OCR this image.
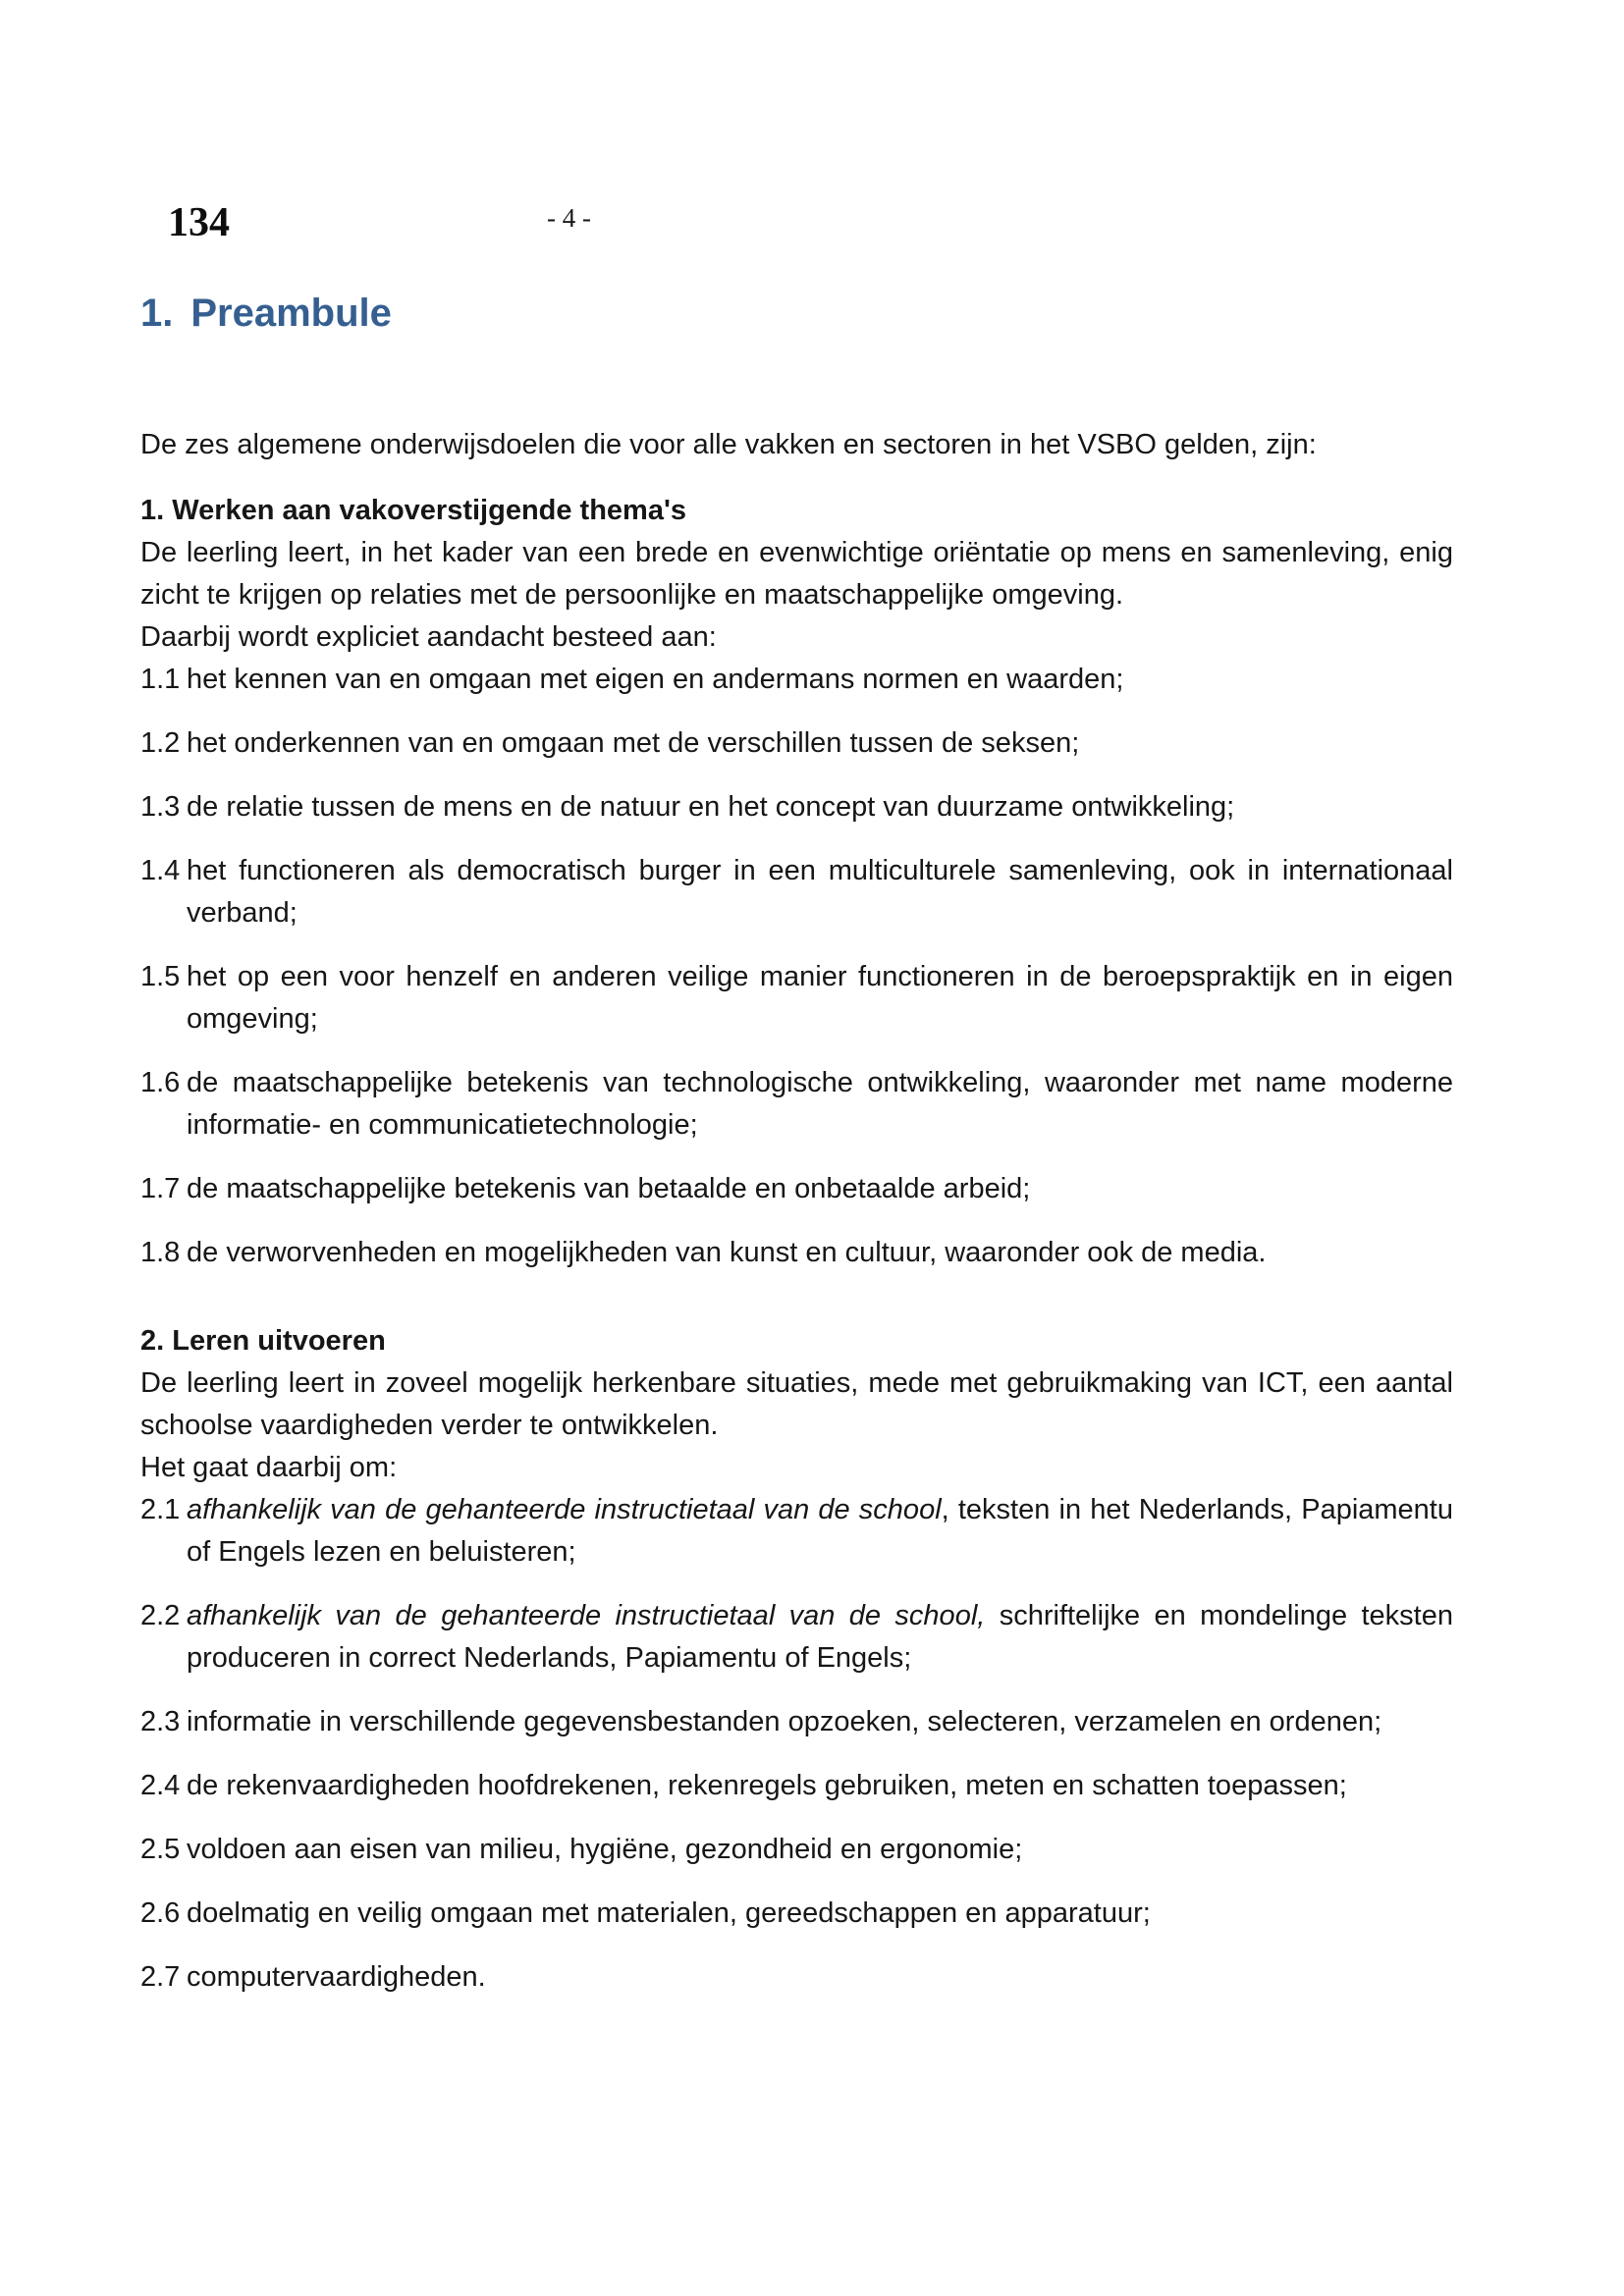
134	- 4 -
1. Preambule

De zes algemene onderwijsdoelen die voor alle vakken en sectoren in het VSBO gelden, zijn:

1. Werken aan vakoverstijgende thema's

De leerling leert, in het kader van een brede en evenwichtige oriëntatie op mens en samenleving, enig zicht te krijgen op relaties met de persoonlijke en maatschappelijke omgeving.

Daarbij wordt expliciet aandacht besteed aan:

1.1 het kennen van en omgaan met eigen en andermans normen en waarden;
1.2 het onderkennen van en omgaan met de verschillen tussen de seksen;
1.3 de relatie tussen de mens en de natuur en het concept van duurzame ontwikkeling;
1.4 het functioneren als democratisch burger in een multiculturele samenleving, ook in internationaal verband;
1.5 het op een voor henzelf en anderen veilige manier functioneren in de beroepspraktijk en in eigen omgeving;
1.6 de maatschappelijke betekenis van technologische ontwikkeling, waaronder met name moderne informatie- en communicatietechnologie;
1.7 de maatschappelijke betekenis van betaalde en onbetaalde arbeid;
1.8 de verworvenheden en mogelijkheden van kunst en cultuur, waaronder ook de media.

2. Leren uitvoeren

De leerling leert in zoveel mogelijk herkenbare situaties, mede met gebruikmaking van ICT, een aantal schoolse vaardigheden verder te ontwikkelen.

Het gaat daarbij om:

2.1 afhankelijk van de gehanteerde instructietaal van de school, teksten in het Nederlands, Papiamentu of Engels lezen en beluisteren;
2.2 afhankelijk van de gehanteerde instructietaal van de school, schriftelijke en mondelinge teksten produceren in correct Nederlands, Papiamentu of Engels;
2.3 informatie in verschillende gegevensbestanden opzoeken, selecteren, verzamelen en ordenen;
2.4 de rekenvaardigheden hoofdrekenen, rekenregels gebruiken, meten en schatten toepassen;
2.5 voldoen aan eisen van milieu, hygiëne, gezondheid en ergonomie;
2.6 doelmatig en veilig omgaan met materialen, gereedschappen en apparatuur;
2.7 computervaardigheden.
